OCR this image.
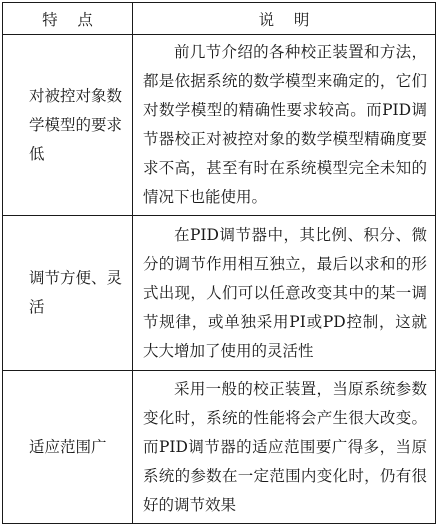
特    点	说    明
对被控对象数学模型的要求低	前几节介绍的各种校正装置和方法，都是依据系统的数学模型来确定的，它们对数学模型的精确性要求较高。而PID调节器校正对被控对象的数学模型精确度要求不高，甚至有时在系统模型完全未知的情况下也能使用。
调节方便、灵活	在PID调节器中，其比例、积分、微分的调节作用相互独立，最后以求和的形式出现，人们可以任意改变其中的某一调节规律，或单独采用PI或PD控制，这就大大增加了使用的灵活性
适应范围广	采用一般的校正装置，当原系统参数变化时，系统的性能将会产生很大改变。而PID调节器的适应范围要广得多，当原系统的参数在一定范围内变化时，仍有很好的调节效果
